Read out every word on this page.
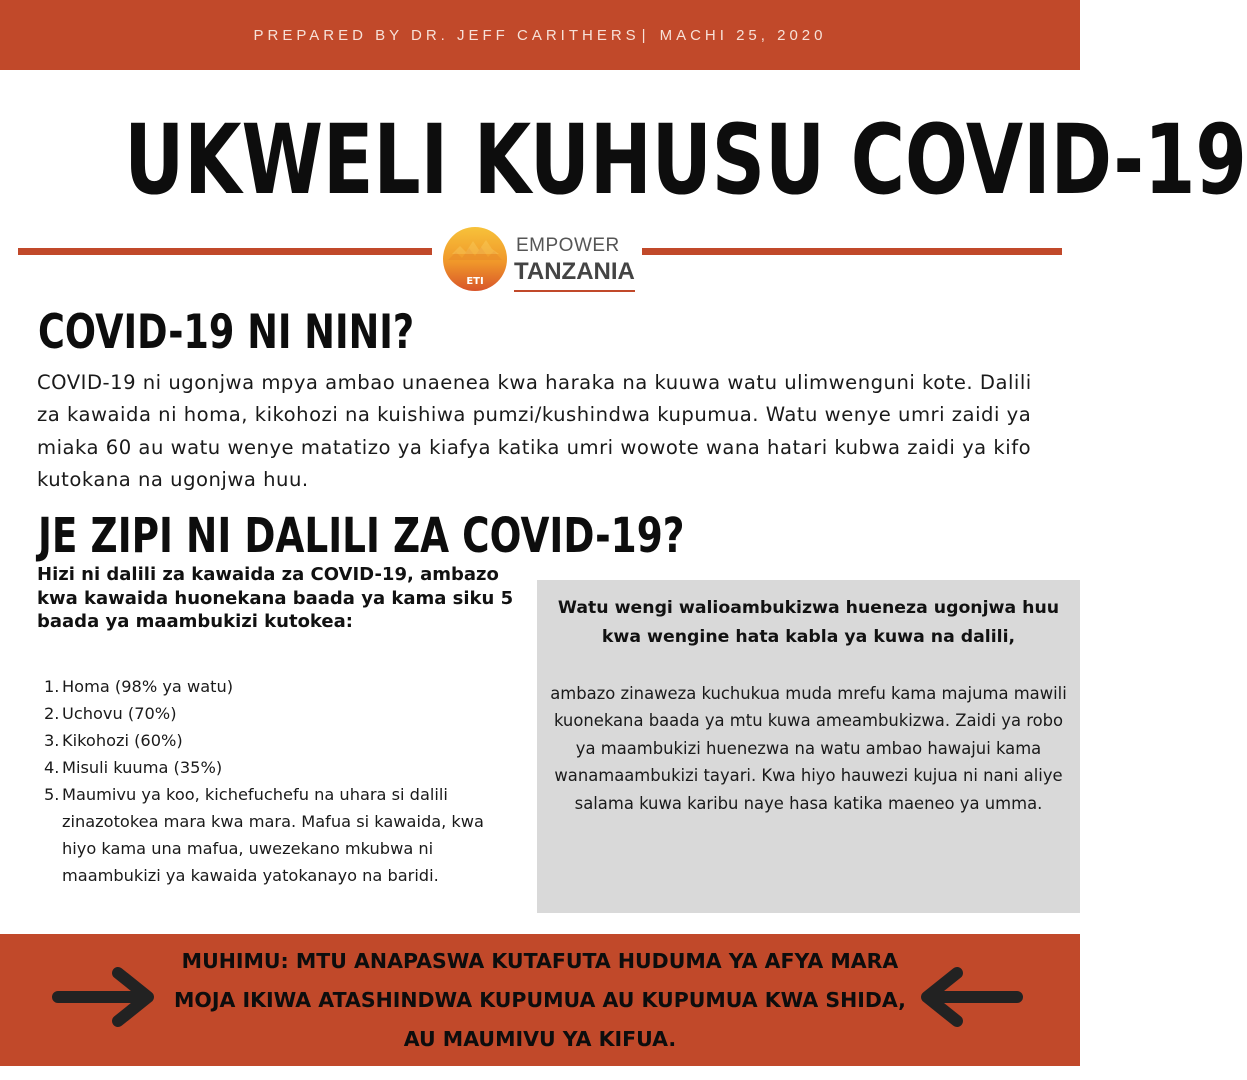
PREPARED BY DR. JEFF CARITHERS | MACHI 25, 2020
UKWELI KUHUSU COVID-19
ETI
EMPOWER
TANZANIA
COVID-19 NI NINI?

COVID-19 ni ugonjwa mpya ambao unaenea kwa haraka na kuuwa watu ulimwenguni kote. Dalili za kawaida ni homa, kikohozi na kuishiwa pumzi/kushindwa kupumua. Watu wenye umri zaidi ya miaka 60 au watu wenye matatizo ya kiafya katika umri wowote wana hatari kubwa zaidi ya kifo kutokana na ugonjwa huu.

JE ZIPI NI DALILI ZA COVID-19?

Hizi ni dalili za kawaida za COVID-19, ambazo kwa kawaida huonekana baada ya kama siku 5 baada ya maambukizi kutokea:

1. Homa (98% ya watu)
2. Uchovu (70%)
3. Kikohozi (60%)
4. Misuli kuuma (35%)
5. Maumivu ya koo, kichefuchefu na uhara si dalili zinazotokea mara kwa mara. Mafua si kawaida, kwa hiyo kama una mafua, uwezekano mkubwa ni maambukizi ya kawaida yatokanayo na baridi.

Watu wengi walioambukizwa hueneza ugonjwa huu kwa wengine hata kabla ya kuwa na dalili,

ambazo zinaweza kuchukua muda mrefu kama majuma mawili kuonekana baada ya mtu kuwa ameambukizwa. Zaidi ya robo ya maambukizi huenezwa na watu ambao hawajui kama wanamaambukizi tayari. Kwa hiyo hauwezi kujua ni nani aliye salama kuwa karibu naye hasa katika maeneo ya umma.

MUHIMU: MTU ANAPASWA KUTAFUTA HUDUMA YA AFYA MARA MOJA IKIWA ATASHINDWA KUPUMUA AU KUPUMUA KWA SHIDA, AU MAUMIVU YA KIFUA.
